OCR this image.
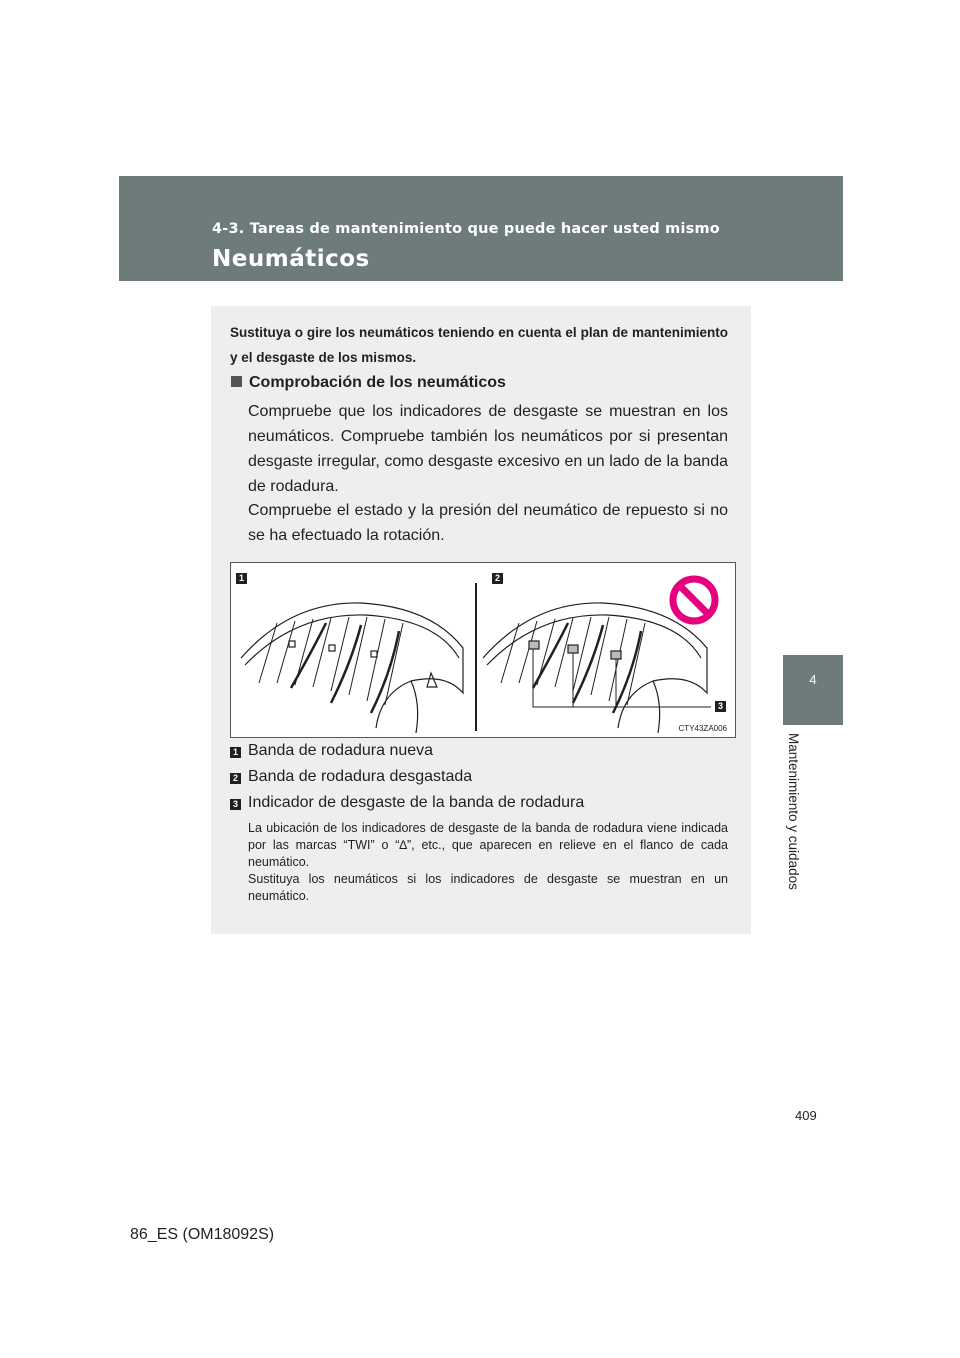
4-3. Tareas de mantenimiento que puede hacer usted mismo
Neumáticos
4
Mantenimiento y cuidados
Sustituya o gire los neumáticos teniendo en cuenta el plan de mantenimiento y el desgaste de los mismos.
Comprobación de los neumáticos
Compruebe que los indicadores de desgaste se muestran en los neumáticos. Compruebe también los neumáticos por si presentan desgaste irregular, como desgaste excesivo en un lado de la banda de rodadura.
Compruebe el estado y la presión del neumático de repuesto si no se ha efectuado la rotación.
1	2
3
CTY43ZA006
1 Banda de rodadura nueva
2 Banda de rodadura desgastada
3 Indicador de desgaste de la banda de rodadura

La ubicación de los indicadores de desgaste de la banda de rodadura viene indicada por las marcas “TWI” o “∆”, etc., que aparecen en relieve en el flanco de cada neumático.

Sustituya los neumáticos si los indicadores de desgaste se muestran en un neumático.

409
86_ES (OM18092S)
